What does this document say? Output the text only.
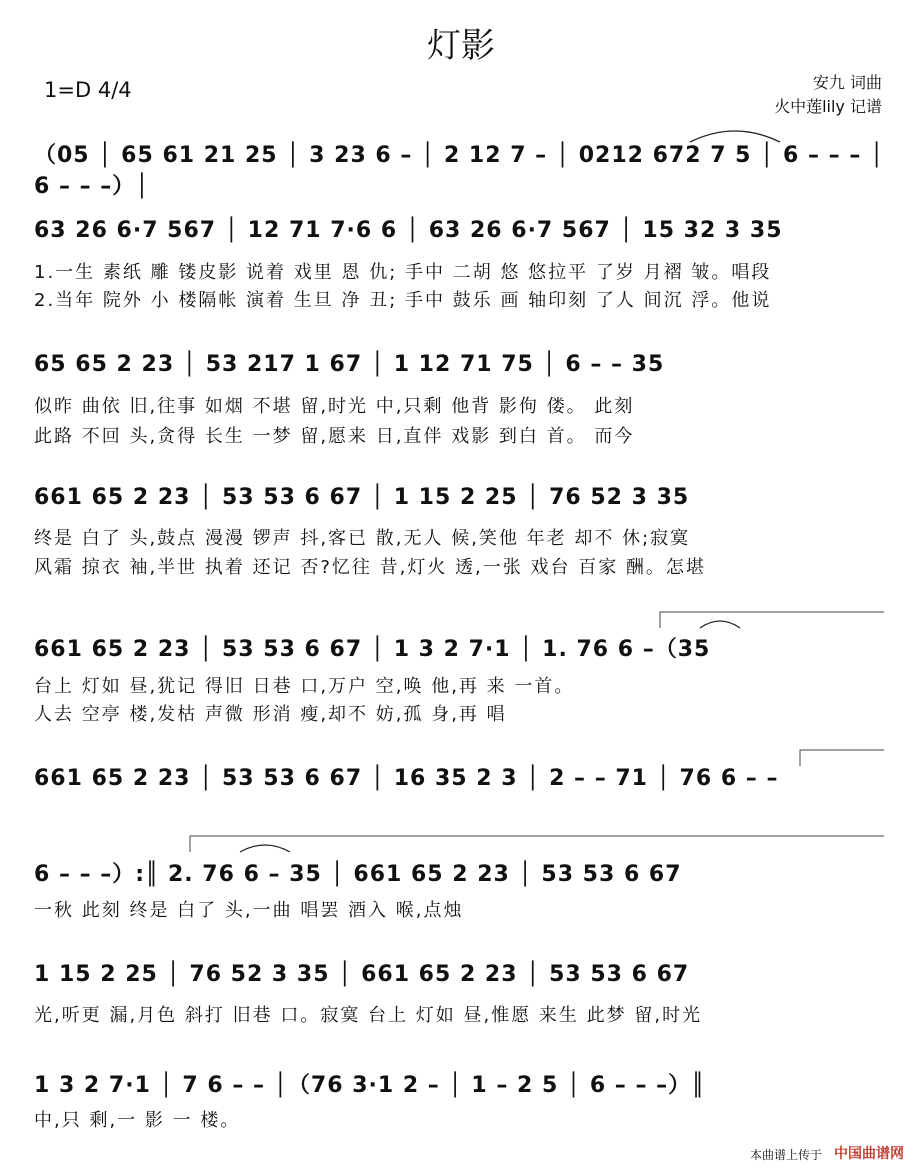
灯影
1=D 4/4	安九 词曲
火中莲lily 记谱
（05 │ 65 61 21 25 │ 3 23 6 – │ 2 12 7 – │ 0212 672 7 5 │ 6 – – – │ 6 – – –）│
63 26 6·7 567 │ 12 71 7·6 6 │ 63 26 6·7 567 │ 15 32 3 35
1.一生 素纸 雕 镂皮影 说着 戏里 恩 仇; 手中 二胡 悠 悠拉平 了岁 月褶 皱。唱段
2.当年 院外 小 楼隔帐 演着 生旦 净 丑; 手中 鼓乐 画 轴印刻 了人 间沉 浮。他说
65 65 2 23 │ 53 217 1 67 │ 1 12 71 75 │ 6 – – 35
似昨 曲依 旧,往事 如烟 不堪 留,时光 中,只剩 他背 影佝 偻。 此刻
此路 不回 头,贪得 长生 一梦 留,愿来 日,直伴 戏影 到白 首。 而今
661 65 2 23 │ 53 53 6 67 │ 1 15 2 25 │ 76 52 3 35
终是 白了 头,鼓点 漫漫 锣声 抖,客已 散,无人 候,笑他 年老 却不 休;寂寞
风霜 掠衣 袖,半世 执着 还记 否?忆往 昔,灯火 透,一张 戏台 百家 酬。怎堪
661 65 2 23 │ 53 53 6 67 │ 1 3 2 7·1 │ 1. 76 6 –（35
台上 灯如 昼,犹记 得旧 日巷 口,万户 空,唤 他,再 来 一首。
人去 空亭 楼,发枯 声微 形消 瘦,却不 妨,孤 身,再 唱
661 65 2 23 │ 53 53 6 67 │ 16 35 2 3 │ 2 – – 71 │ 76 6 – –
6 – – –）:║ 2. 76 6 – 35 │ 661 65 2 23 │ 53 53 6 67
一秋 此刻 终是 白了 头,一曲 唱罢 酒入 喉,点烛
1 15 2 25 │ 76 52 3 35 │ 661 65 2 23 │ 53 53 6 67
光,听更 漏,月色 斜打 旧巷 口。寂寞 台上 灯如 昼,惟愿 来生 此梦 留,时光
1 3 2 7·1 │ 7 6 – – │（76 3·1 2 – │ 1 – 2 5 │ 6 – – –）║
中,只 剩,一 影 一 楼。
本曲谱上传于 中国曲谱网
